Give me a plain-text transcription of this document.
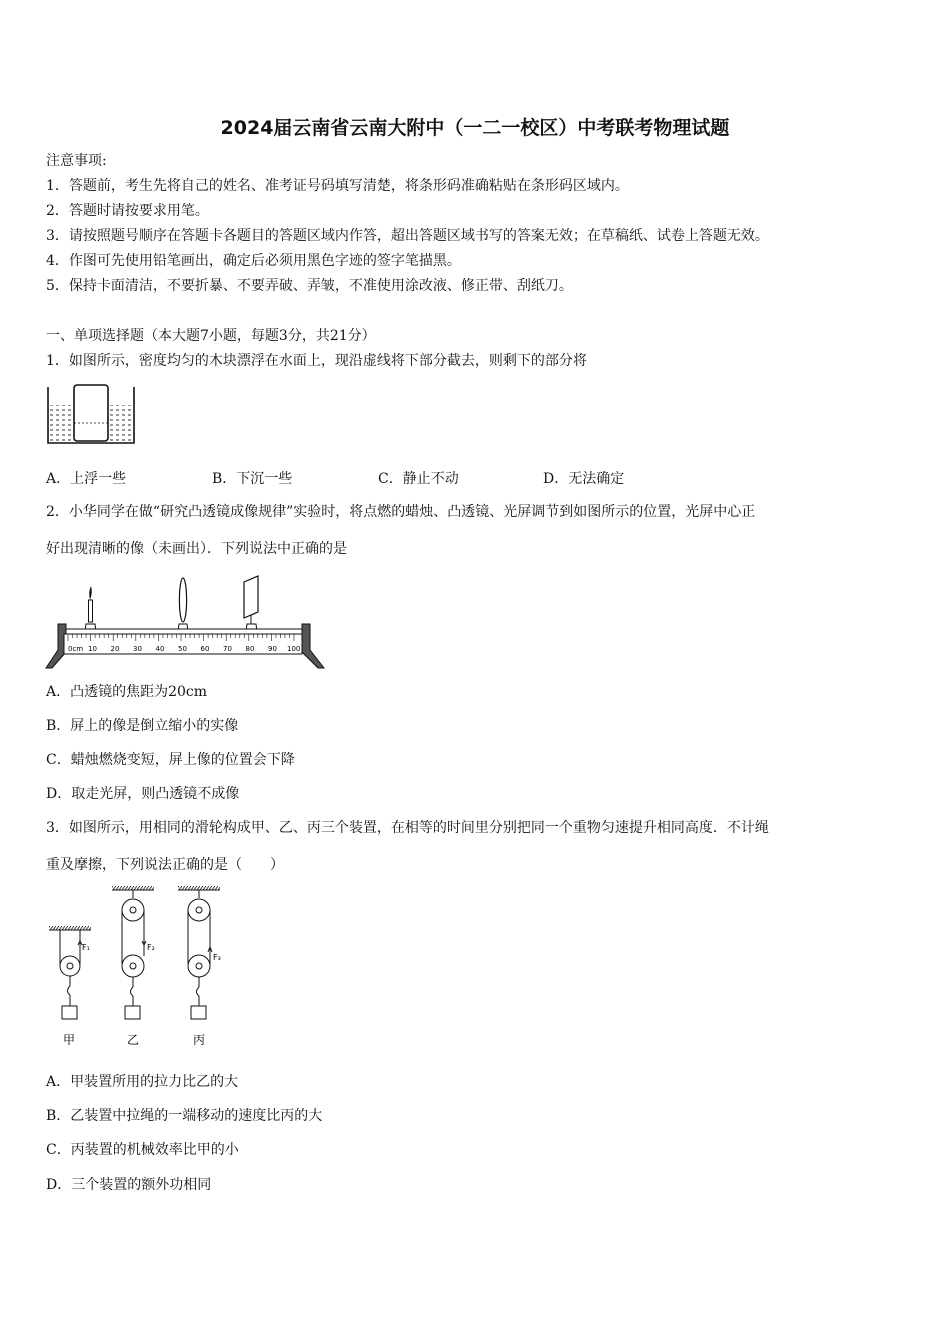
2024届云南省云南大附中（一二一校区）中考联考物理试题
注意事项:
1．答题前，考生先将自己的姓名、准考证号码填写清楚，将条形码准确粘贴在条形码区域内。
2．答题时请按要求用笔。
3．请按照题号顺序在答题卡各题目的答题区域内作答，超出答题区域书写的答案无效；在草稿纸、试卷上答题无效。
4．作图可先使用铅笔画出，确定后必须用黑色字迹的签字笔描黑。
5．保持卡面清洁，不要折暴、不要弄破、弄皱，不准使用涂改液、修正带、刮纸刀。
一、单项选择题（本大题7小题，每题3分，共21分）
1．如图所示，密度均匀的木块漂浮在水面上，现沿虚线将下部分截去，则剩下的部分将
A．上浮一些	B．下沉一些	C．静止不动	D．无法确定
2．小华同学在做“研究凸透镜成像规律”实验时，将点燃的蜡烛、凸透镜、光屏调节到如图所示的位置，光屏中心正
好出现清晰的像（未画出）．下列说法中正确的是
0cm 10 20 30 40 50 60 70 80 90 100
A．凸透镜的焦距为20cm
B．屏上的像是倒立缩小的实像
C．蜡烛燃烧变短，屏上像的位置会下降
D．取走光屏，则凸透镜不成像
3．如图所示，用相同的滑轮构成甲、乙、丙三个装置，在相等的时间里分别把同一个重物匀速提升相同高度．不计绳
重及摩擦，下列说法正确的是（　　）
F₁
甲
F₂
乙
F₃
丙
A．甲装置所用的拉力比乙的大
B．乙装置中拉绳的一端移动的速度比丙的大
C．丙装置的机械效率比甲的小
D．三个装置的额外功相同
